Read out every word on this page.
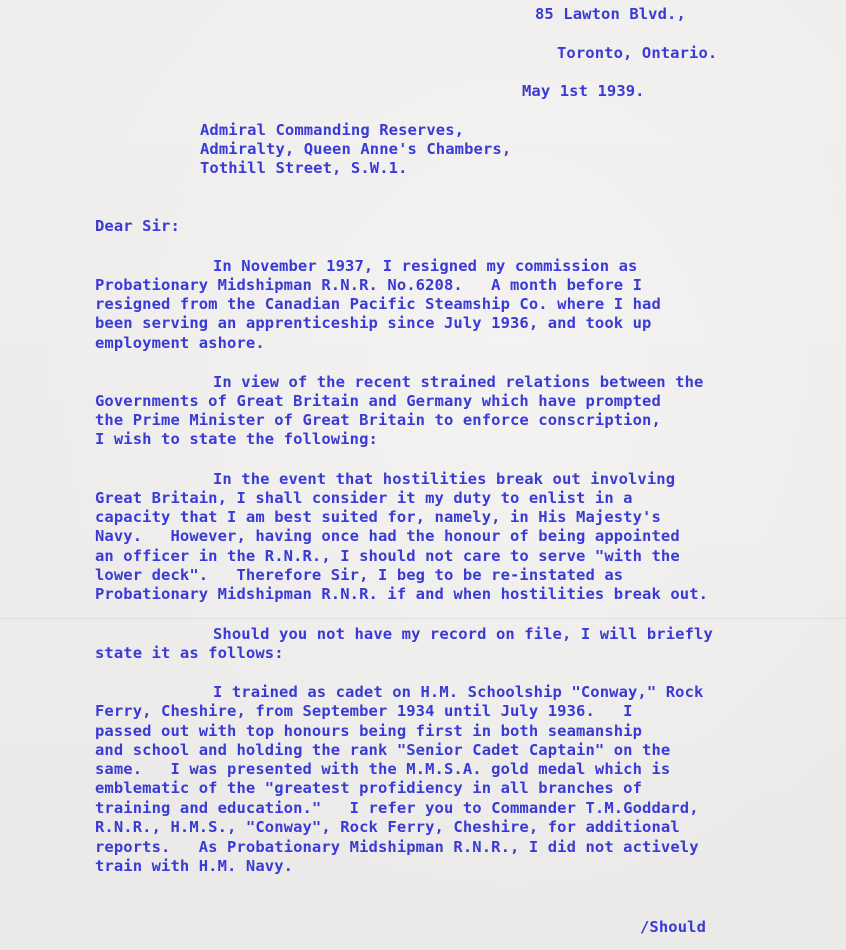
85 Lawton Blvd.,

Toronto, Ontario.

May 1st 1939.

Admiral Commanding Reserves,

Admiralty, Queen Anne's Chambers,

Tothill Street, S.W.1.

Dear Sir:

In November 1937, I resigned my commission as

Probationary Midshipman R.N.R. No.6208.   A month before I

resigned from the Canadian Pacific Steamship Co. where I had

been serving an apprenticeship since July 1936, and took up

employment ashore.

In view of the recent strained relations between the

Governments of Great Britain and Germany which have prompted

the Prime Minister of Great Britain to enforce conscription,

I wish to state the following:

In the event that hostilities break out involving

Great Britain, I shall consider it my duty to enlist in a

capacity that I am best suited for, namely, in His Majesty's

Navy.   However, having once had the honour of being appointed

an officer in the R.N.R., I should not care to serve "with the

lower deck".   Therefore Sir, I beg to be re-instated as

Probationary Midshipman R.N.R. if and when hostilities break out.

Should you not have my record on file, I will briefly

state it as follows:

I trained as cadet on H.M. Schoolship "Conway," Rock

Ferry, Cheshire, from September 1934 until July 1936.   I

passed out with top honours being first in both seamanship

and school and holding the rank "Senior Cadet Captain" on the

same.   I was presented with the M.M.S.A. gold medal which is

emblematic of the "greatest profidiency in all branches of

training and education."   I refer you to Commander T.M.Goddard,

R.N.R., H.M.S., "Conway", Rock Ferry, Cheshire, for additional

reports.   As Probationary Midshipman R.N.R., I did not actively

train with H.M. Navy.

/Should
